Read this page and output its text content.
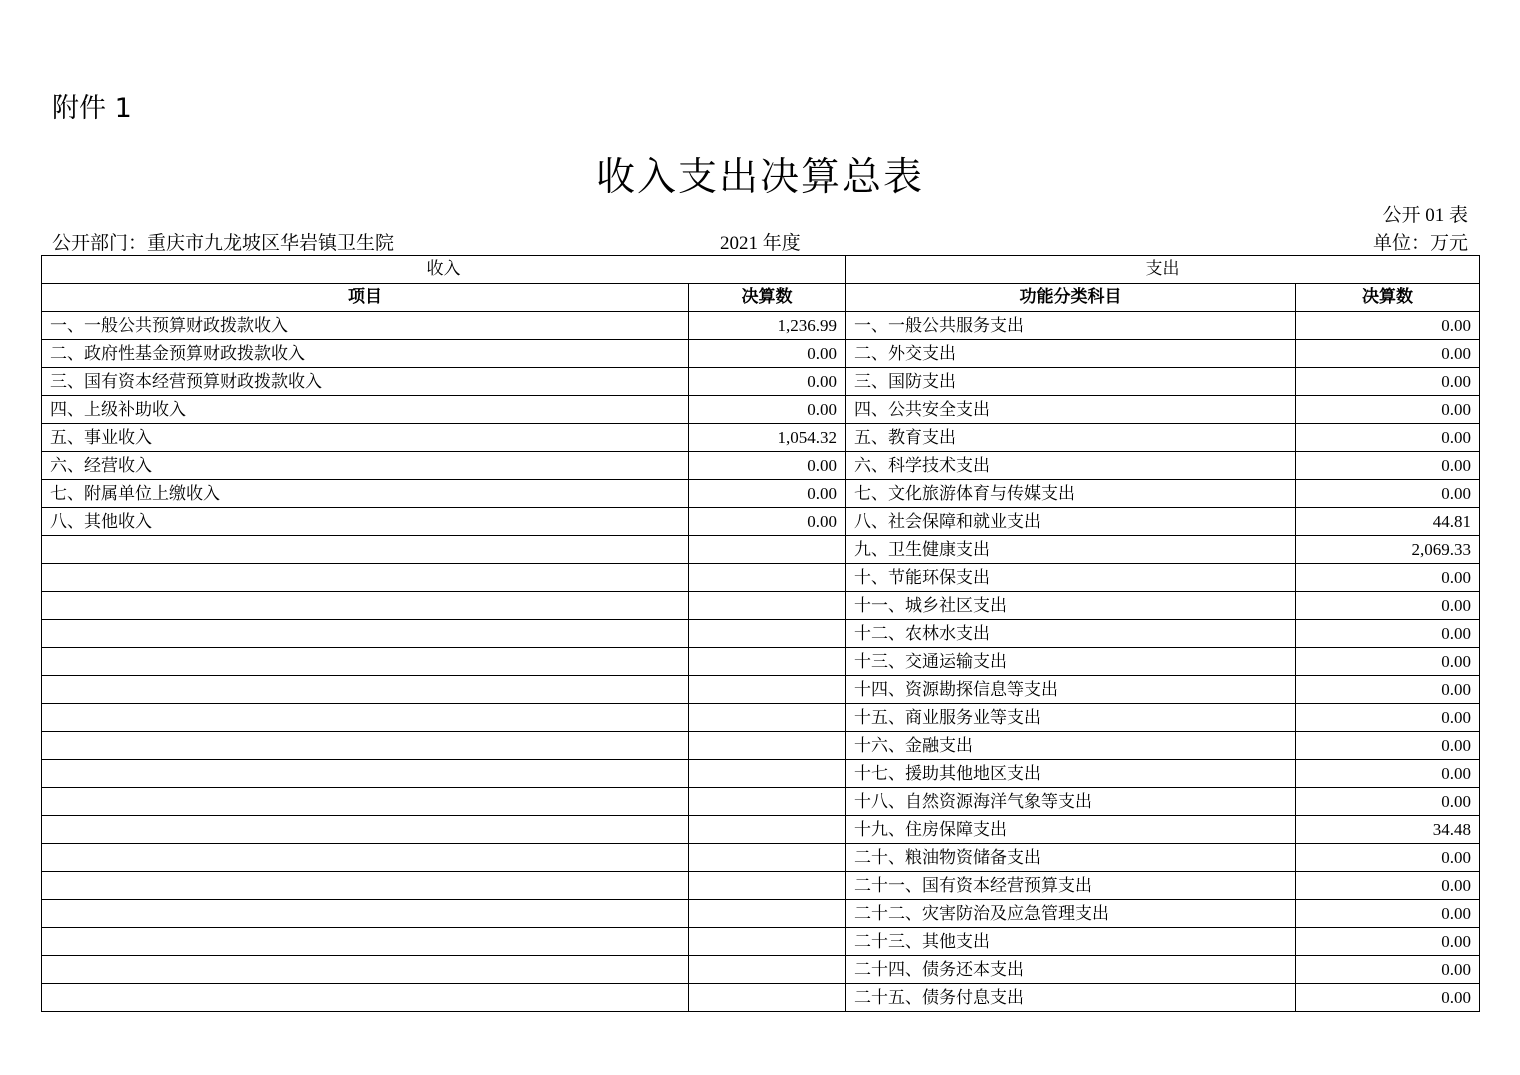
附件 1
收入支出决算总表
公开 01 表
公开部门：重庆市九龙坡区华岩镇卫生院	2021 年度	单位：万元
收入		支出	
项目	决算数	功能分类科目	决算数
一、一般公共预算财政拨款收入	1,236.99	一、一般公共服务支出	0.00
二、政府性基金预算财政拨款收入	0.00	二、外交支出	0.00
三、国有资本经营预算财政拨款收入	0.00	三、国防支出	0.00
四、上级补助收入	0.00	四、公共安全支出	0.00
五、事业收入	1,054.32	五、教育支出	0.00
六、经营收入	0.00	六、科学技术支出	0.00
七、附属单位上缴收入	0.00	七、文化旅游体育与传媒支出	0.00
八、其他收入	0.00	八、社会保障和就业支出	44.81
		九、卫生健康支出	2,069.33
		十、节能环保支出	0.00
		十一、城乡社区支出	0.00
		十二、农林水支出	0.00
		十三、交通运输支出	0.00
		十四、资源勘探信息等支出	0.00
		十五、商业服务业等支出	0.00
		十六、金融支出	0.00
		十七、援助其他地区支出	0.00
		十八、自然资源海洋气象等支出	0.00
		十九、住房保障支出	34.48
		二十、粮油物资储备支出	0.00
		二十一、国有资本经营预算支出	0.00
		二十二、灾害防治及应急管理支出	0.00
		二十三、其他支出	0.00
		二十四、债务还本支出	0.00
		二十五、债务付息支出	0.00
